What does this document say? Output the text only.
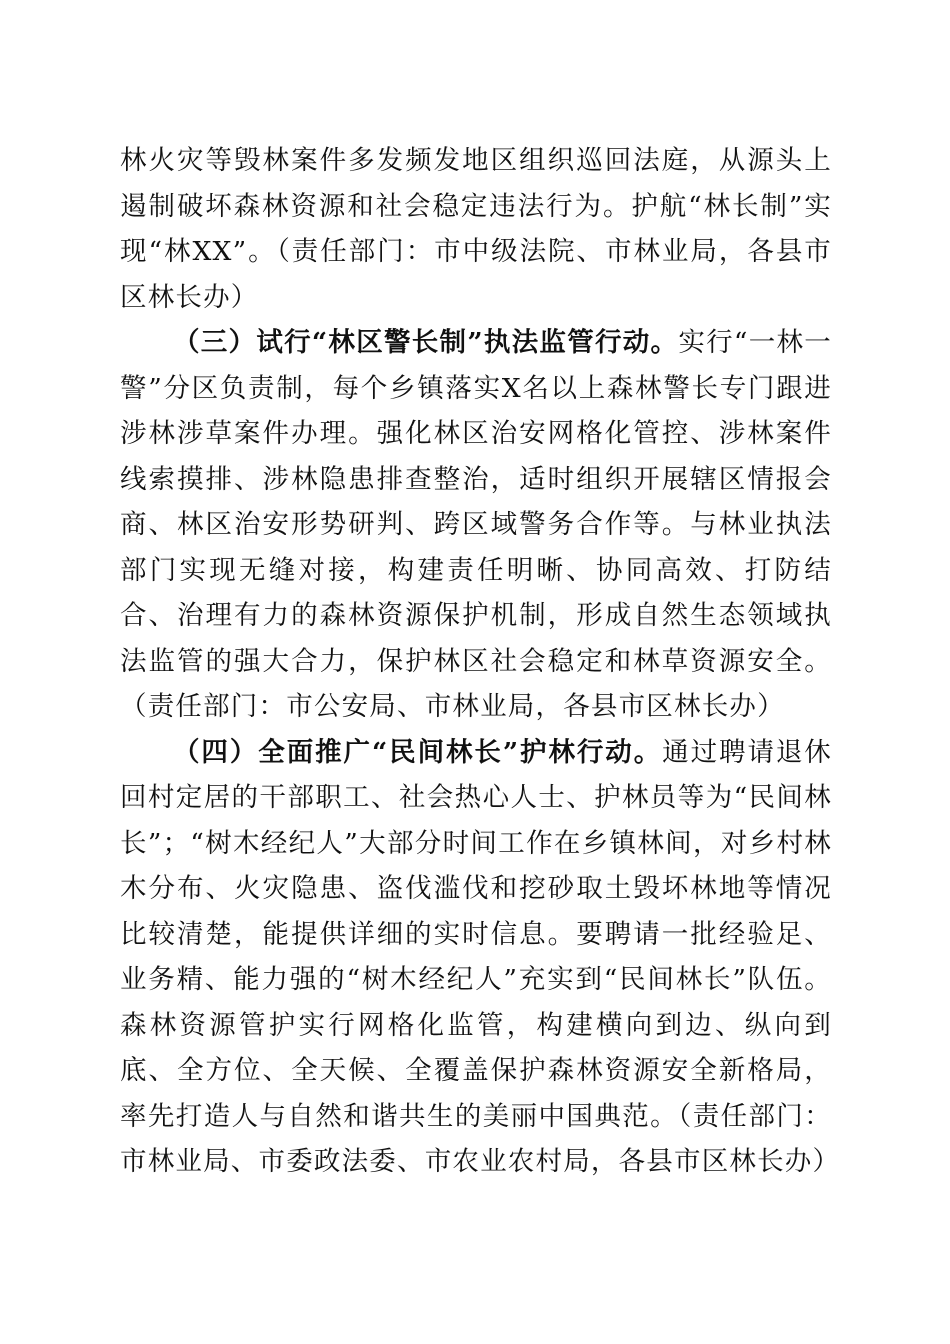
林火灾等毁林案件多发频发地区组织巡回法庭，从源头上遏制破坏森林资源和社会稳定违法行为。护航“林长制”实现“林XX”。（责任部门：市中级法院、市林业局，各县市区林长办）

（三）试行“林区警长制”执法监管行动。实行“一林一警”分区负责制，每个乡镇落实X名以上森林警长专门跟进涉林涉草案件办理。强化林区治安网格化管控、涉林案件线索摸排、涉林隐患排查整治，适时组织开展辖区情报会商、林区治安形势研判、跨区域警务合作等。与林业执法部门实现无缝对接，构建责任明晰、协同高效、打防结合、治理有力的森林资源保护机制，形成自然生态领域执法监管的强大合力，保护林区社会稳定和林草资源安全。（责任部门：市公安局、市林业局，各县市区林长办）

（四）全面推广“民间林长”护林行动。通过聘请退休回村定居的干部职工、社会热心人士、护林员等为“民间林长”；“树木经纪人”大部分时间工作在乡镇林间，对乡村林木分布、火灾隐患、盗伐滥伐和挖砂取土毁坏林地等情况比较清楚，能提供详细的实时信息。要聘请一批经验足、业务精、能力强的“树木经纪人”充实到“民间林长”队伍。森林资源管护实行网格化监管，构建横向到边、纵向到底、全方位、全天候、全覆盖保护森林资源安全新格局，率先打造人与自然和谐共生的美丽中国典范。（责任部门：市林业局、市委政法委、市农业农村局，各县市区林长办）
